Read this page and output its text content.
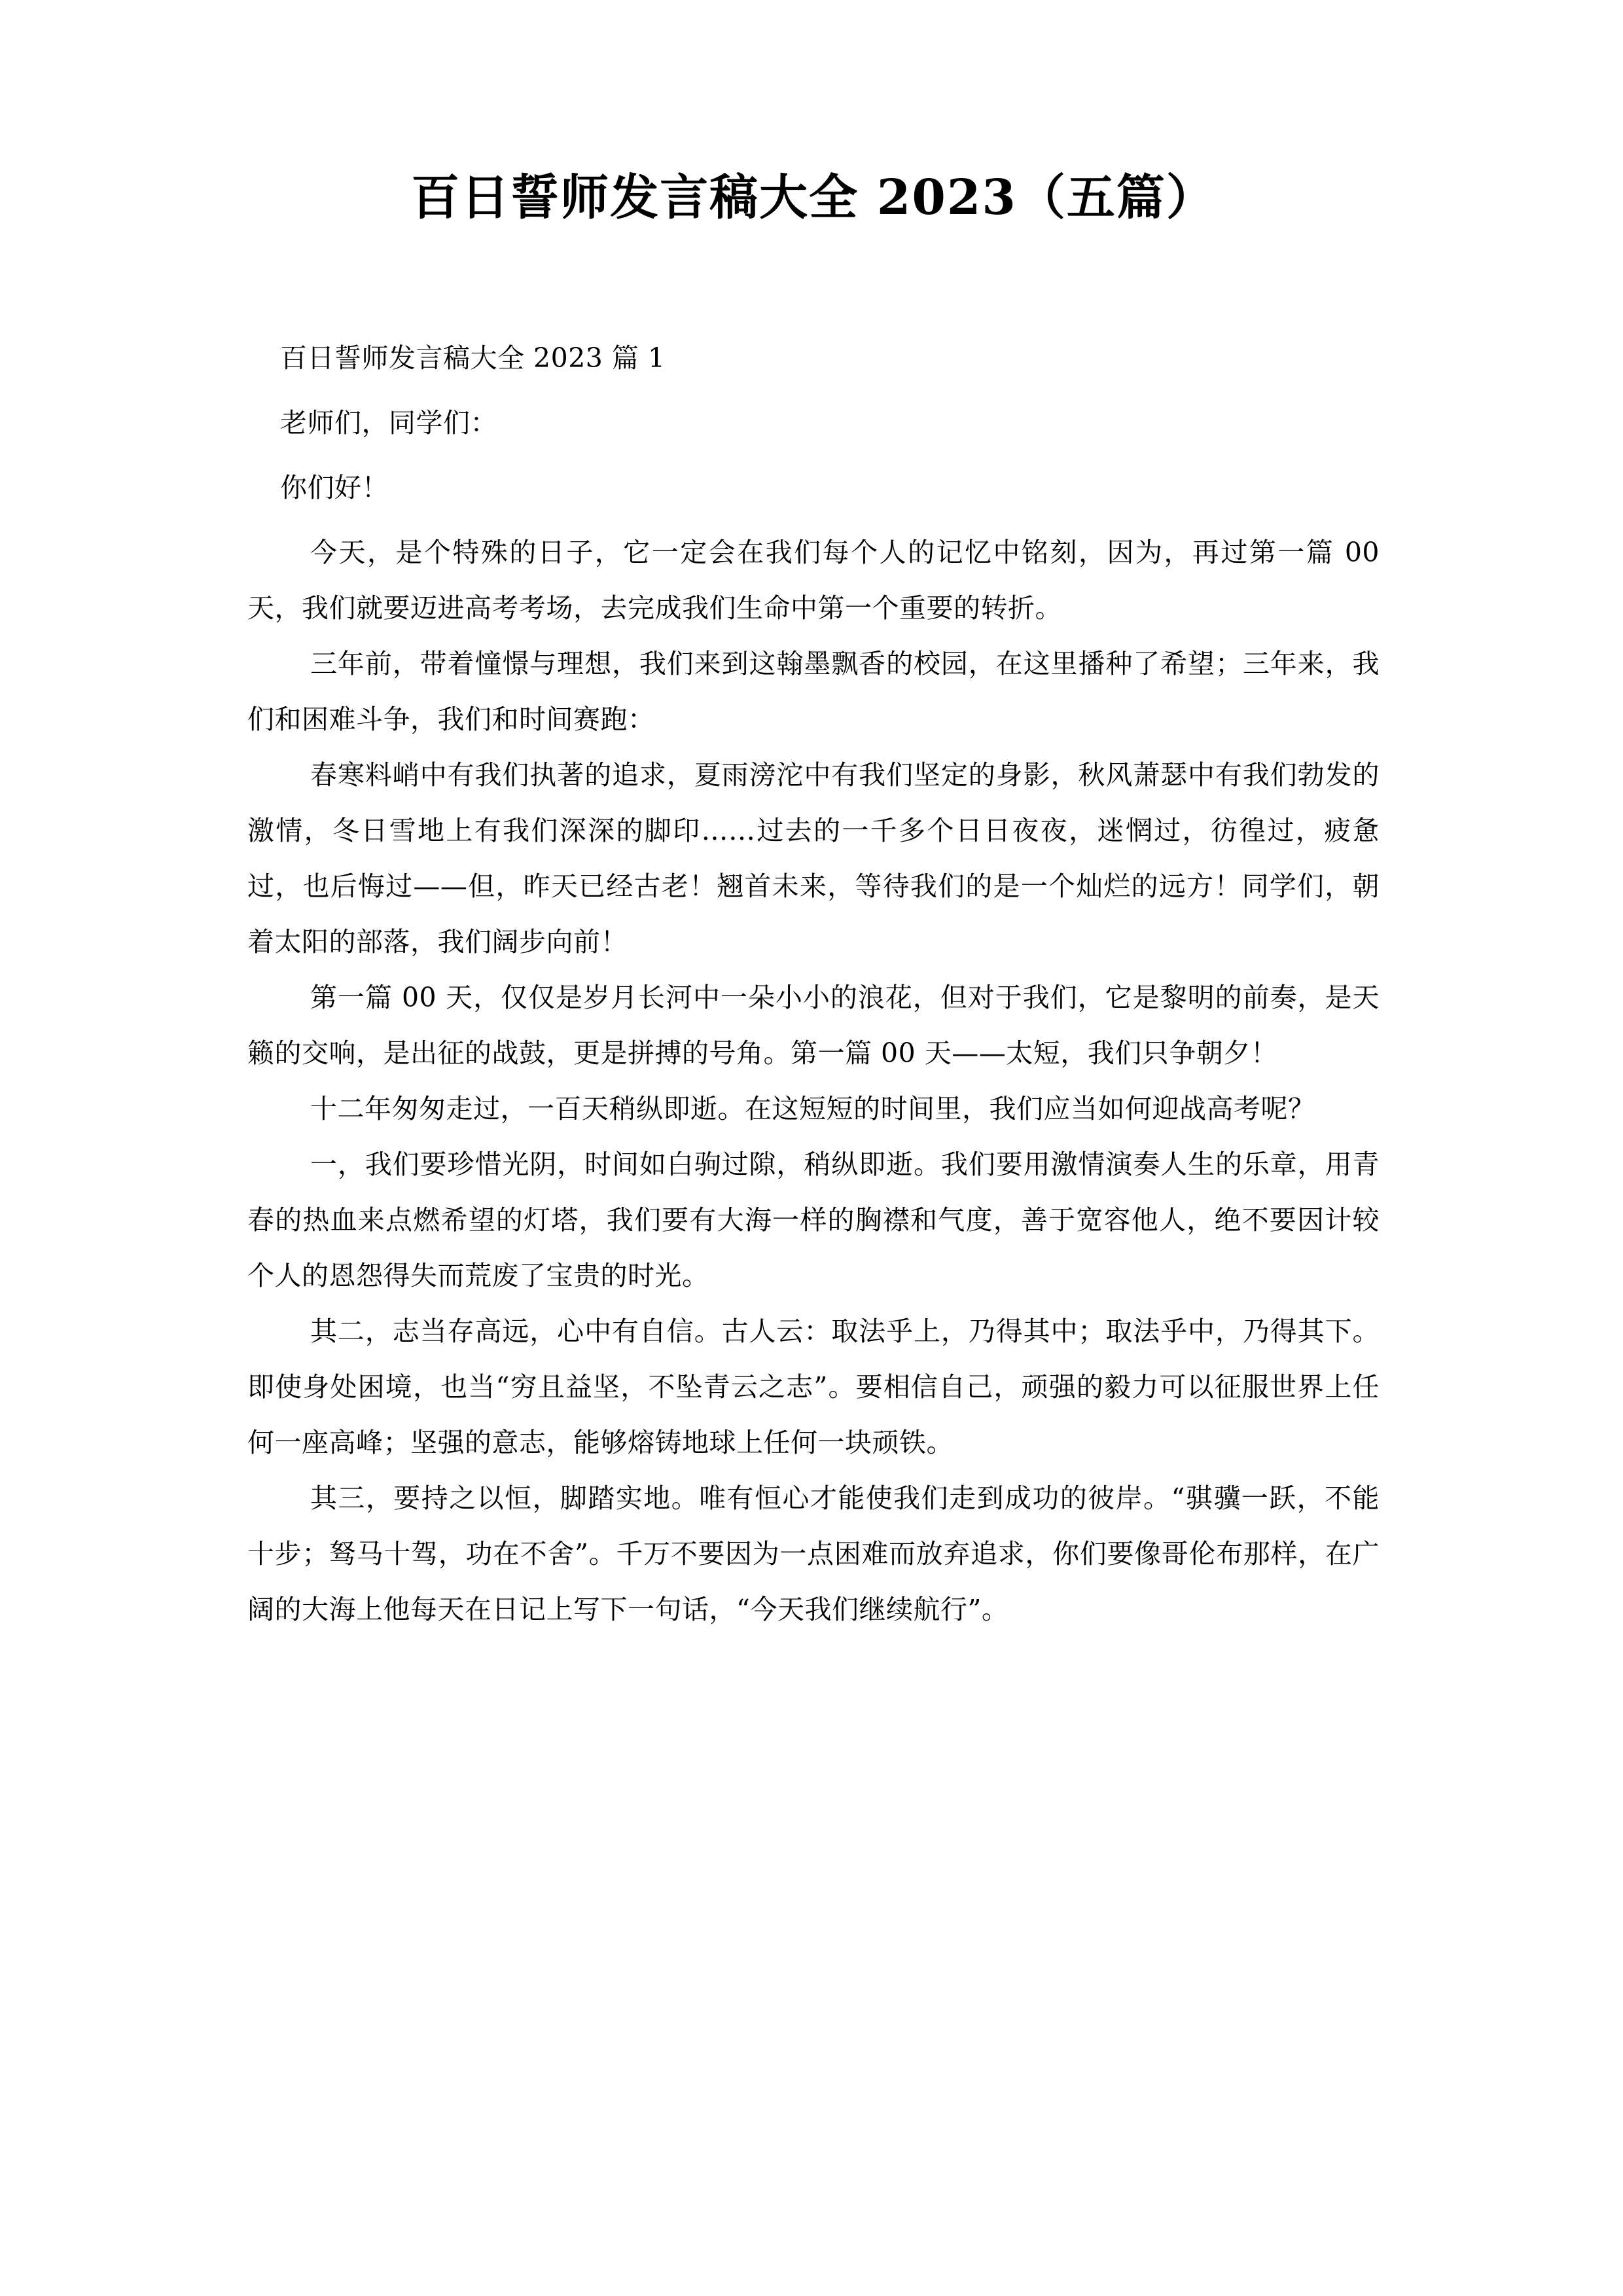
百日誓师发言稿大全 2023（五篇）

百日誓师发言稿大全 2023 篇 1

老师们，同学们：

你们好！

今天，是个特殊的日子，它一定会在我们每个人的记忆中铭刻，因为，再过第一篇 00 天，我们就要迈进高考考场，去完成我们生命中第一个重要的转折。

三年前，带着憧憬与理想，我们来到这翰墨飘香的校园，在这里播种了希望；三年来，我们和困难斗争，我们和时间赛跑：

春寒料峭中有我们执著的追求，夏雨滂沱中有我们坚定的身影，秋风萧瑟中有我们勃发的激情，冬日雪地上有我们深深的脚印……过去的一千多个日日夜夜，迷惘过，彷徨过，疲惫过，也后悔过——但，昨天已经古老！翘首未来，等待我们的是一个灿烂的远方！同学们，朝着太阳的部落，我们阔步向前！

第一篇 00 天，仅仅是岁月长河中一朵小小的浪花，但对于我们，它是黎明的前奏，是天籁的交响，是出征的战鼓，更是拼搏的号角。第一篇 00 天——太短，我们只争朝夕！

十二年匆匆走过，一百天稍纵即逝。在这短短的时间里，我们应当如何迎战高考呢？

一，我们要珍惜光阴，时间如白驹过隙，稍纵即逝。我们要用激情演奏人生的乐章，用青春的热血来点燃希望的灯塔，我们要有大海一样的胸襟和气度，善于宽容他人，绝不要因计较个人的恩怨得失而荒废了宝贵的时光。

其二，志当存高远，心中有自信。古人云：取法乎上，乃得其中；取法乎中，乃得其下。即使身处困境，也当“穷且益坚，不坠青云之志”。要相信自己，顽强的毅力可以征服世界上任何一座高峰；坚强的意志，能够熔铸地球上任何一块顽铁。

其三，要持之以恒，脚踏实地。唯有恒心才能使我们走到成功的彼岸。“骐骥一跃，不能十步；驽马十驾，功在不舍”。千万不要因为一点困难而放弃追求，你们要像哥伦布那样，在广阔的大海上他每天在日记上写下一句话，“今天我们继续航行”。
